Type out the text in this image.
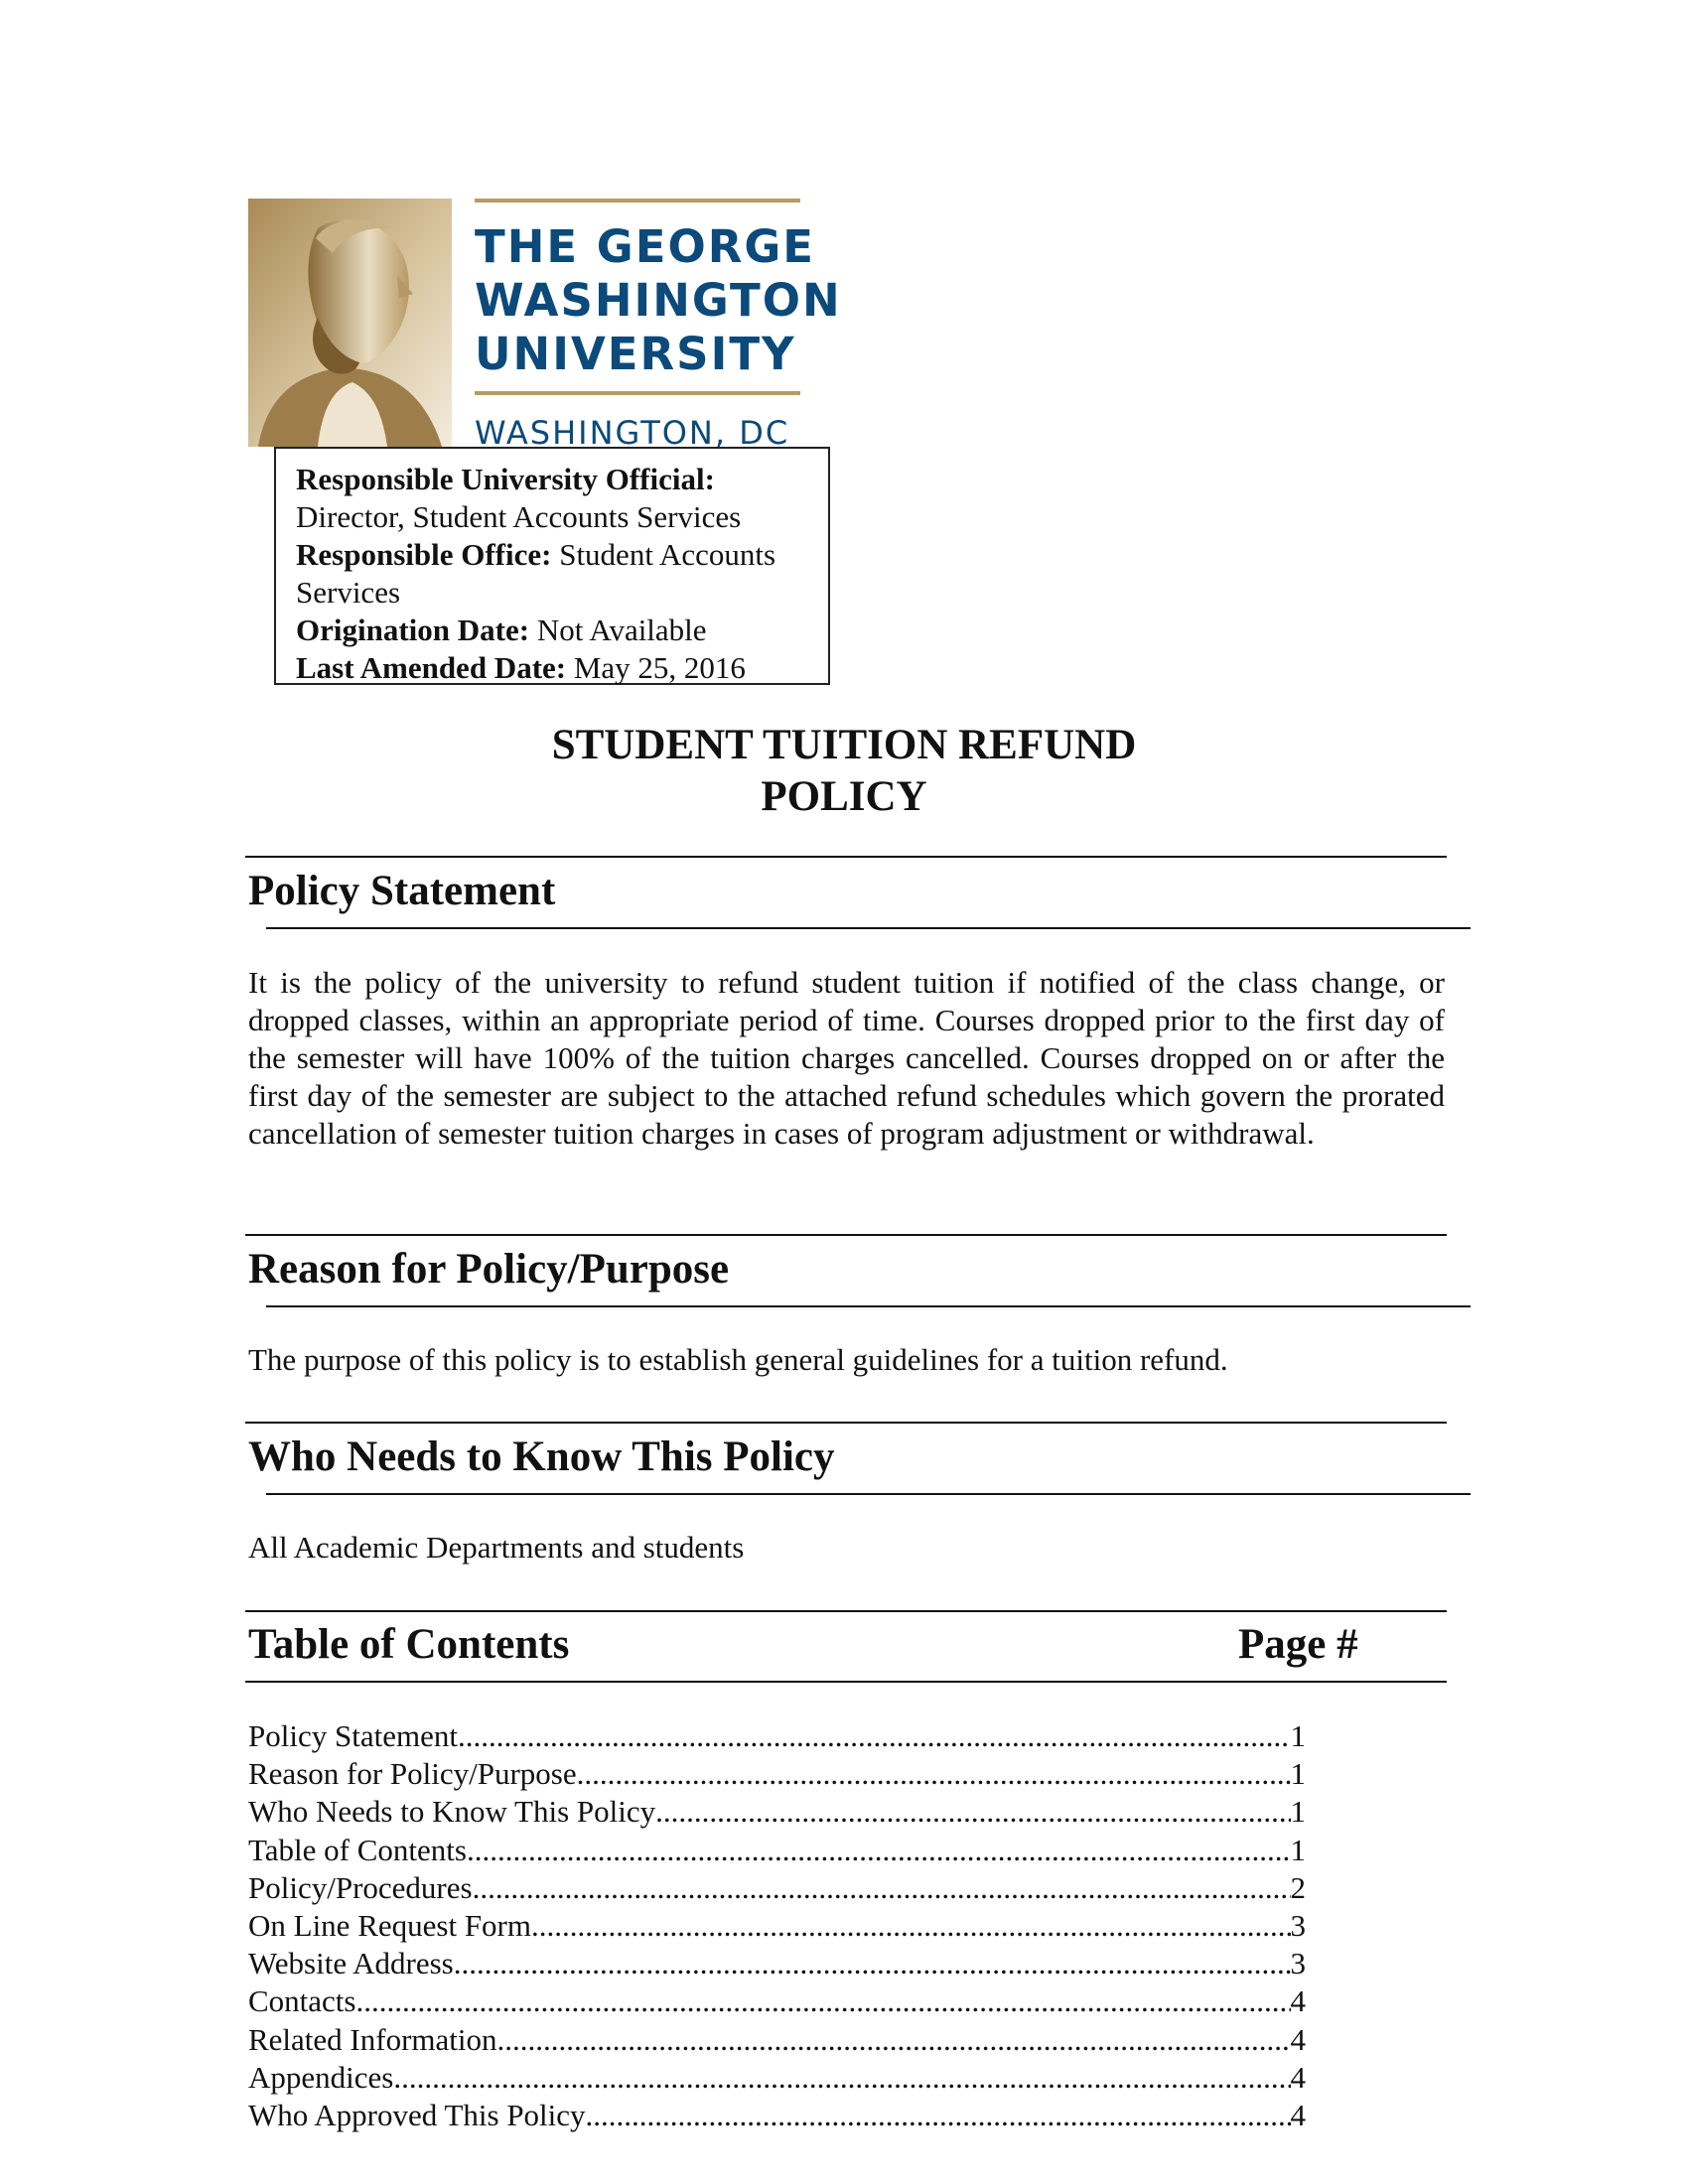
THE GEORGE
WASHINGTON
UNIVERSITY
WASHINGTON, DC
Responsible University Official:
Director, Student Accounts Services
Responsible Office: Student Accounts
Services
Origination Date: Not Available
Last Amended Date: May 25, 2016
STUDENT TUITION REFUND
POLICY
Policy Statement
It is the policy of the university to refund student tuition if notified of the class change, or dropped classes, within an appropriate period of time. Courses dropped prior to the first day of the semester will have 100% of the tuition charges cancelled. Courses dropped on or after the first day of the semester are subject to the attached refund schedules which govern the prorated cancellation of semester tuition charges in cases of program adjustment or withdrawal.
Reason for Policy/Purpose
The purpose of this policy is to establish general guidelines for a tuition refund.
Who Needs to Know This Policy
All Academic Departments and students
Table of Contents	Page #
Policy Statement .....	1
Reason for Policy/Purpose .....	1
Who Needs to Know This Policy .....	1
Table of Contents .....	1
Policy/Procedures .....	2
On Line Request Form .....	3
Website Address .....	3
Contacts .....	4
Related Information .....	4
Appendices .....	4
Who Approved This Policy .....	4
